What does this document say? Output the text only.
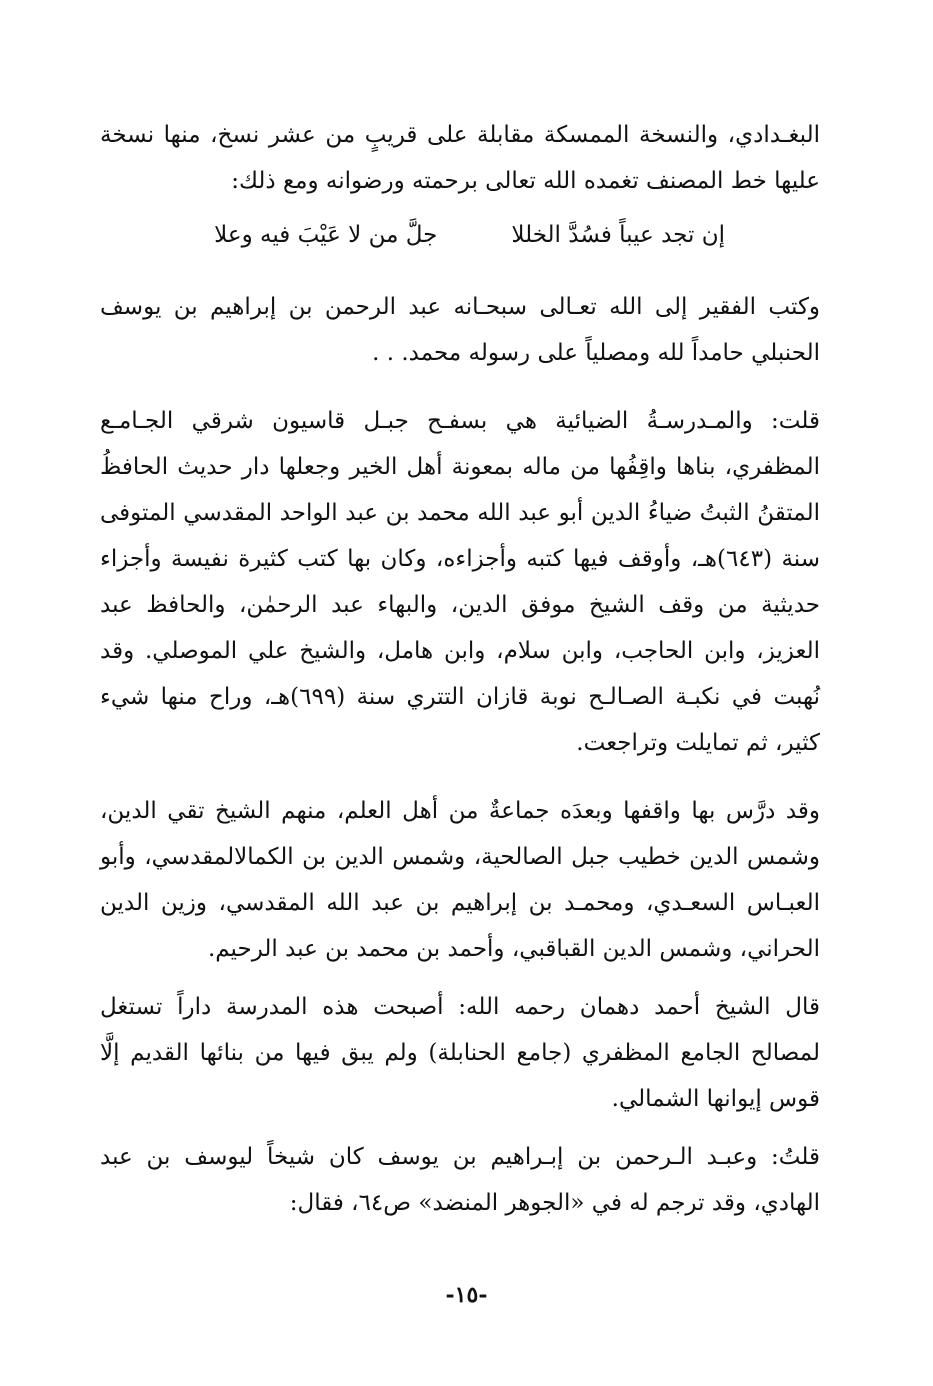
البغـدادي، والنسخة الممسكة مقابلة على قريبٍ من عشر نسخ، منها نسخة عليها خط المصنف تغمده الله تعالى برحمته ورضوانه ومع ذلك:

إن تجد عيباً فسُدَّ الخللا
جلَّ من لا عَيْبَ فيه وعلا

وكتب الفقير إلى الله تعـالى سبحـانه عبد الرحمن بن إبراهيم بن يوسف الحنبلي حامداً لله ومصلياً على رسوله محمد. . .

قلت: والمـدرسـةُ الضيائية هي بسفـح جبـل قاسيون شرقي الجـامـع المظفري، بناها واقِفُها من ماله بمعونة أهل الخير وجعلها دار حديث الحافظُ المتقنُ الثبتُ ضياءُ الدين أبو عبد الله محمد بن عبد الواحد المقدسي المتوفى سنة (٦٤٣)هـ، وأوقف فيها كتبه وأجزاءه، وكان بها كتب كثيرة نفيسة وأجزاء حديثية من وقف الشيخ موفق الدين، والبهاء عبد الرحمٰن، والحافظ عبد العزيز، وابن الحاجب، وابن سلام، وابن هامل، والشيخ علي الموصلي. وقد نُهبت في نكبـة الصـالـح نوبة قازان التتري سنة (٦٩٩)هـ، وراح منها شيء كثير، ثم تمايلت وتراجعت.

وقد درَّس بها واقفها وبعدَه جماعةٌ من أهل العلم، منهم الشيخ تقي الدين، وشمس الدين خطيب جبل الصالحية، وشمس الدين بن الكمالالمقدسي، وأبو العبـاس السعـدي، ومحمـد بن إبراهيم بن عبد الله المقدسي، وزين الدين الحراني، وشمس الدين القباقبي، وأحمد بن محمد بن عبد الرحيم.

قال الشيخ أحمد دهمان رحمه الله: أصبحت هذه المدرسة داراً تستغل لمصالح الجامع المظفري (جامع الحنابلة) ولم يبق فيها من بنائها القديم إلَّا قوس إيوانها الشمالي.

قلتُ: وعبـد الـرحمن بن إبـراهيم بن يوسف كان شيخاً ليوسف بن عبد الهادي، وقد ترجم له في «الجوهر المنضد» ص٦٤، فقال:

-١٥-
